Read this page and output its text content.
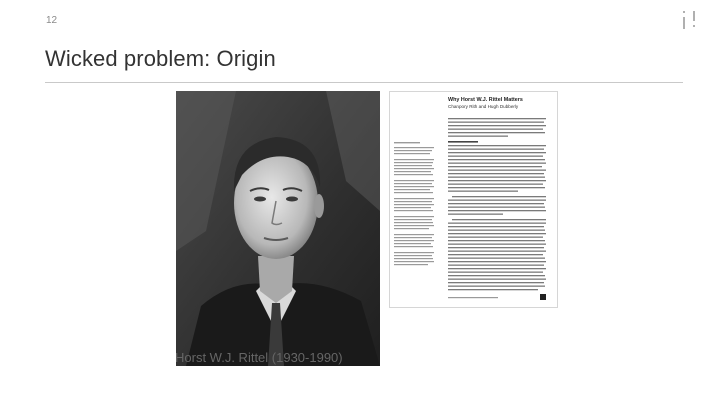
12
Wicked problem: Origin

Horst W.J. Rittel (1930-1990)

Why Horst W.J. Rittel Matters
Chanpory Rith and Hugh Dubberly
